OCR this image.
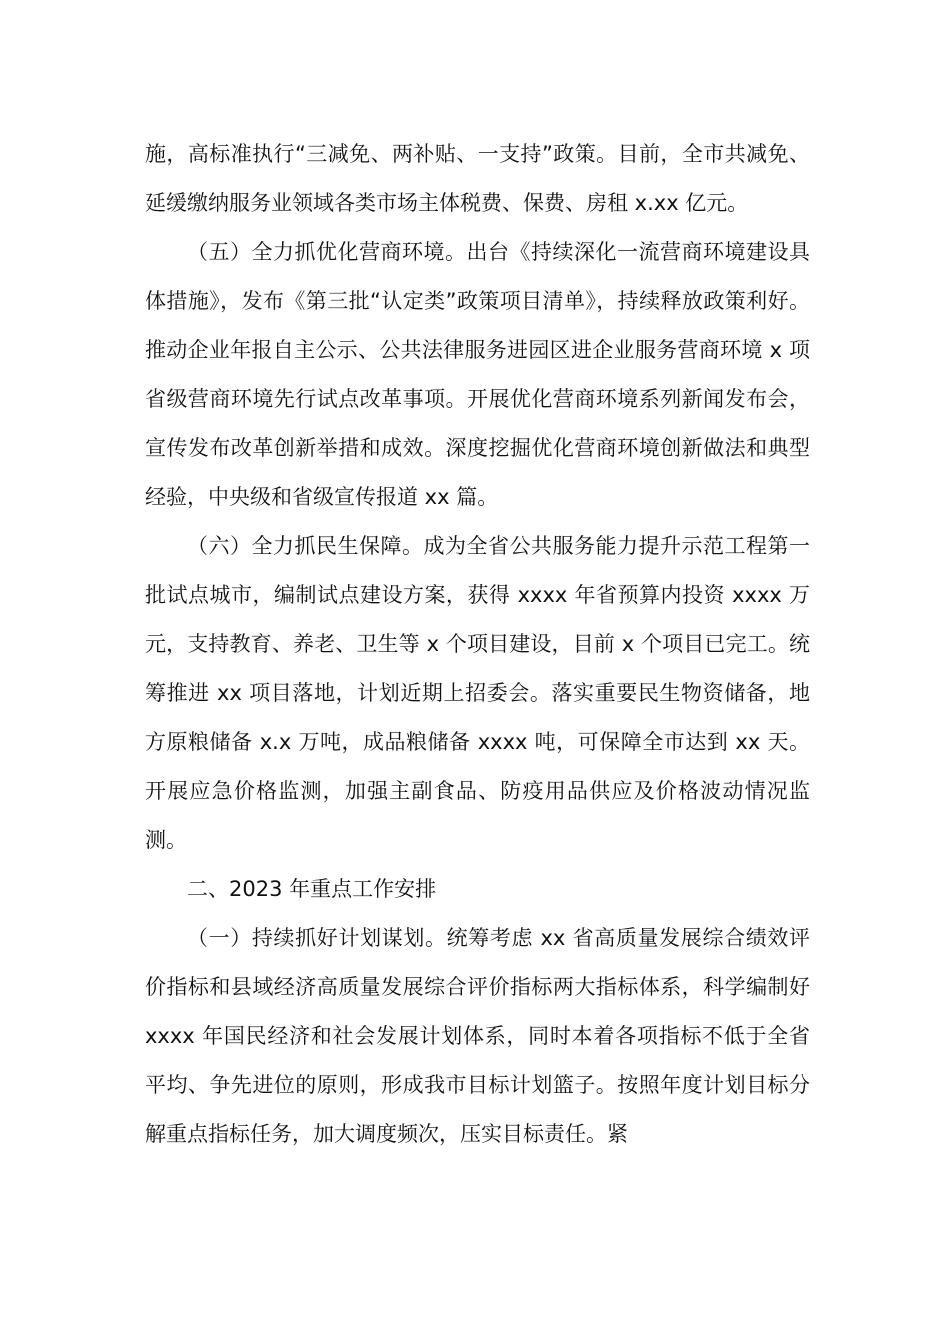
施，高标准执行“三减免、两补贴、一支持”政策。目前，全市共减免、延缓缴纳服务业领域各类市场主体税费、保费、房租 x.xx 亿元。

（五）全力抓优化营商环境。出台《持续深化一流营商环境建设具体措施》，发布《第三批“认定类”政策项目清单》，持续释放政策利好。推动企业年报自主公示、公共法律服务进园区进企业服务营商环境 x 项省级营商环境先行试点改革事项。开展优化营商环境系列新闻发布会，宣传发布改革创新举措和成效。深度挖掘优化营商环境创新做法和典型经验，中央级和省级宣传报道 xx 篇。

（六）全力抓民生保障。成为全省公共服务能力提升示范工程第一批试点城市，编制试点建设方案，获得 xxxx 年省预算内投资 xxxx 万元，支持教育、养老、卫生等 x 个项目建设，目前 x 个项目已完工。统筹推进 xx 项目落地，计划近期上招委会。落实重要民生物资储备，地方原粮储备 x.x 万吨，成品粮储备 xxxx 吨，可保障全市达到 xx 天。开展应急价格监测，加强主副食品、防疫用品供应及价格波动情况监测。

二、2023 年重点工作安排

（一）持续抓好计划谋划。统筹考虑 xx 省高质量发展综合绩效评价指标和县域经济高质量发展综合评价指标两大指标体系，科学编制好 xxxx 年国民经济和社会发展计划体系，同时本着各项指标不低于全省平均、争先进位的原则，形成我市目标计划篮子。按照年度计划目标分解重点指标任务，加大调度频次，压实目标责任。紧
